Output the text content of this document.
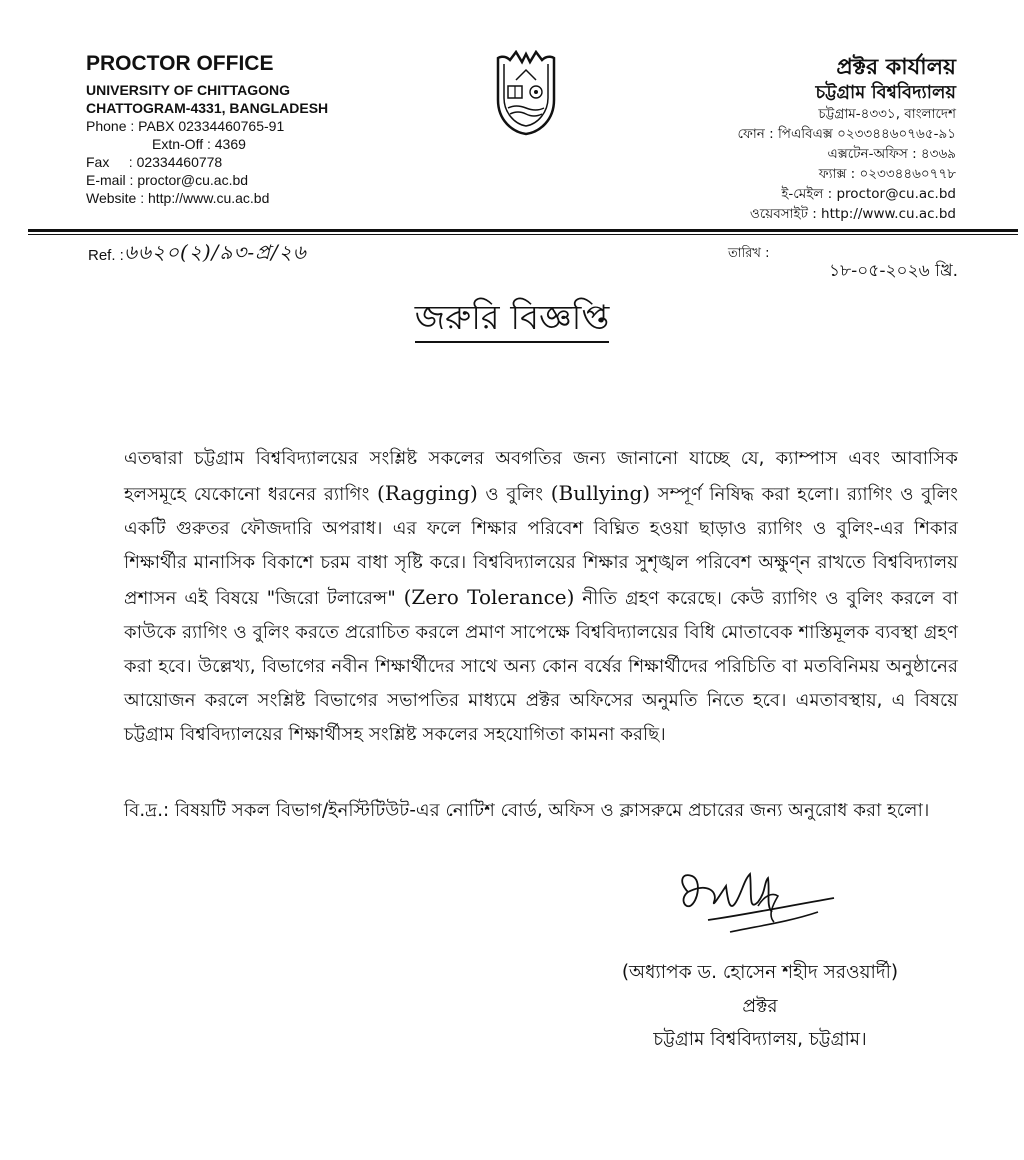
PROCTOR OFFICE
UNIVERSITY OF CHITTAGONG
CHATTOGRAM-4331, BANGLADESH
Phone : PABX 02334460765-91
Extn-Off : 4369
Fax     : 02334460778
E-mail : proctor@cu.ac.bd
Website : http://www.cu.ac.bd
প্রক্টর কার্যালয়
চট্টগ্রাম বিশ্ববিদ্যালয়
চট্টগ্রাম-৪৩৩১, বাংলাদেশ
ফোন : পিএবিএক্স ০২৩৩৪৪৬০৭৬৫-৯১
এক্সটেন-অফিস : ৪৩৬৯
ফ্যাক্স : ০২৩৩৪৪৬০৭৭৮
ই-মেইল : proctor@cu.ac.bd
ওয়েবসাইট : http://www.cu.ac.bd
Ref. : ৬৬২০(২)/৯৩-প্র/২৬	তারিখ :
১৮-০৫-২০২৬ খ্রি.
জরুরি বিজ্ঞপ্তি
এতদ্বারা চট্টগ্রাম বিশ্ববিদ্যালয়ের সংশ্লিষ্ট সকলের অবগতির জন্য জানানো যাচ্ছে যে, ক্যাম্পাস এবং আবাসিক হলসমূহে যেকোনো ধরনের র‍্যাগিং (Ragging) ও বুলিং (Bullying) সম্পূর্ণ নিষিদ্ধ করা হলো। র‍্যাগিং ও বুলিং একটি গুরুতর ফৌজদারি অপরাধ। এর ফলে শিক্ষার পরিবেশ বিঘ্নিত হওয়া ছাড়াও র‍্যাগিং ও বুলিং-এর শিকার শিক্ষার্থীর মানাসিক বিকাশে চরম বাধা সৃষ্টি করে। বিশ্ববিদ্যালয়ের শিক্ষার সুশৃঙ্খল পরিবেশ অক্ষুণ্ন রাখতে বিশ্ববিদ্যালয় প্রশাসন এই বিষয়ে "জিরো টলারেন্স" (Zero Tolerance) নীতি গ্রহণ করেছে। কেউ র‍্যাগিং ও বুলিং করলে বা কাউকে র‍্যাগিং ও বুলিং করতে প্ররোচিত করলে প্রমাণ সাপেক্ষে বিশ্ববিদ্যালয়ের বিধি মোতাবেক শাস্তিমূলক ব্যবস্থা গ্রহণ করা হবে। উল্লেখ্য, বিভাগের নবীন শিক্ষার্থীদের সাথে অন্য কোন বর্ষের শিক্ষার্থীদের পরিচিতি বা মতবিনিময় অনুষ্ঠানের আয়োজন করলে সংশ্লিষ্ট বিভাগের সভাপতির মাধ্যমে প্রক্টর অফিসের অনুমতি নিতে হবে। এমতাবস্থায়, এ বিষয়ে চট্টগ্রাম বিশ্ববিদ্যালয়ের শিক্ষার্থীসহ সংশ্লিষ্ট সকলের সহযোগিতা কামনা করছি।
বি.দ্র.: বিষয়টি সকল বিভাগ/ইনস্টিটিউট-এর নোটিশ বোর্ড, অফিস ও ক্লাসরুমে প্রচারের জন্য অনুরোধ করা হলো।
(অধ্যাপক ড. হোসেন শহীদ সরওয়ার্দী)
প্রক্টর
চট্টগ্রাম বিশ্ববিদ্যালয়, চট্টগ্রাম।
